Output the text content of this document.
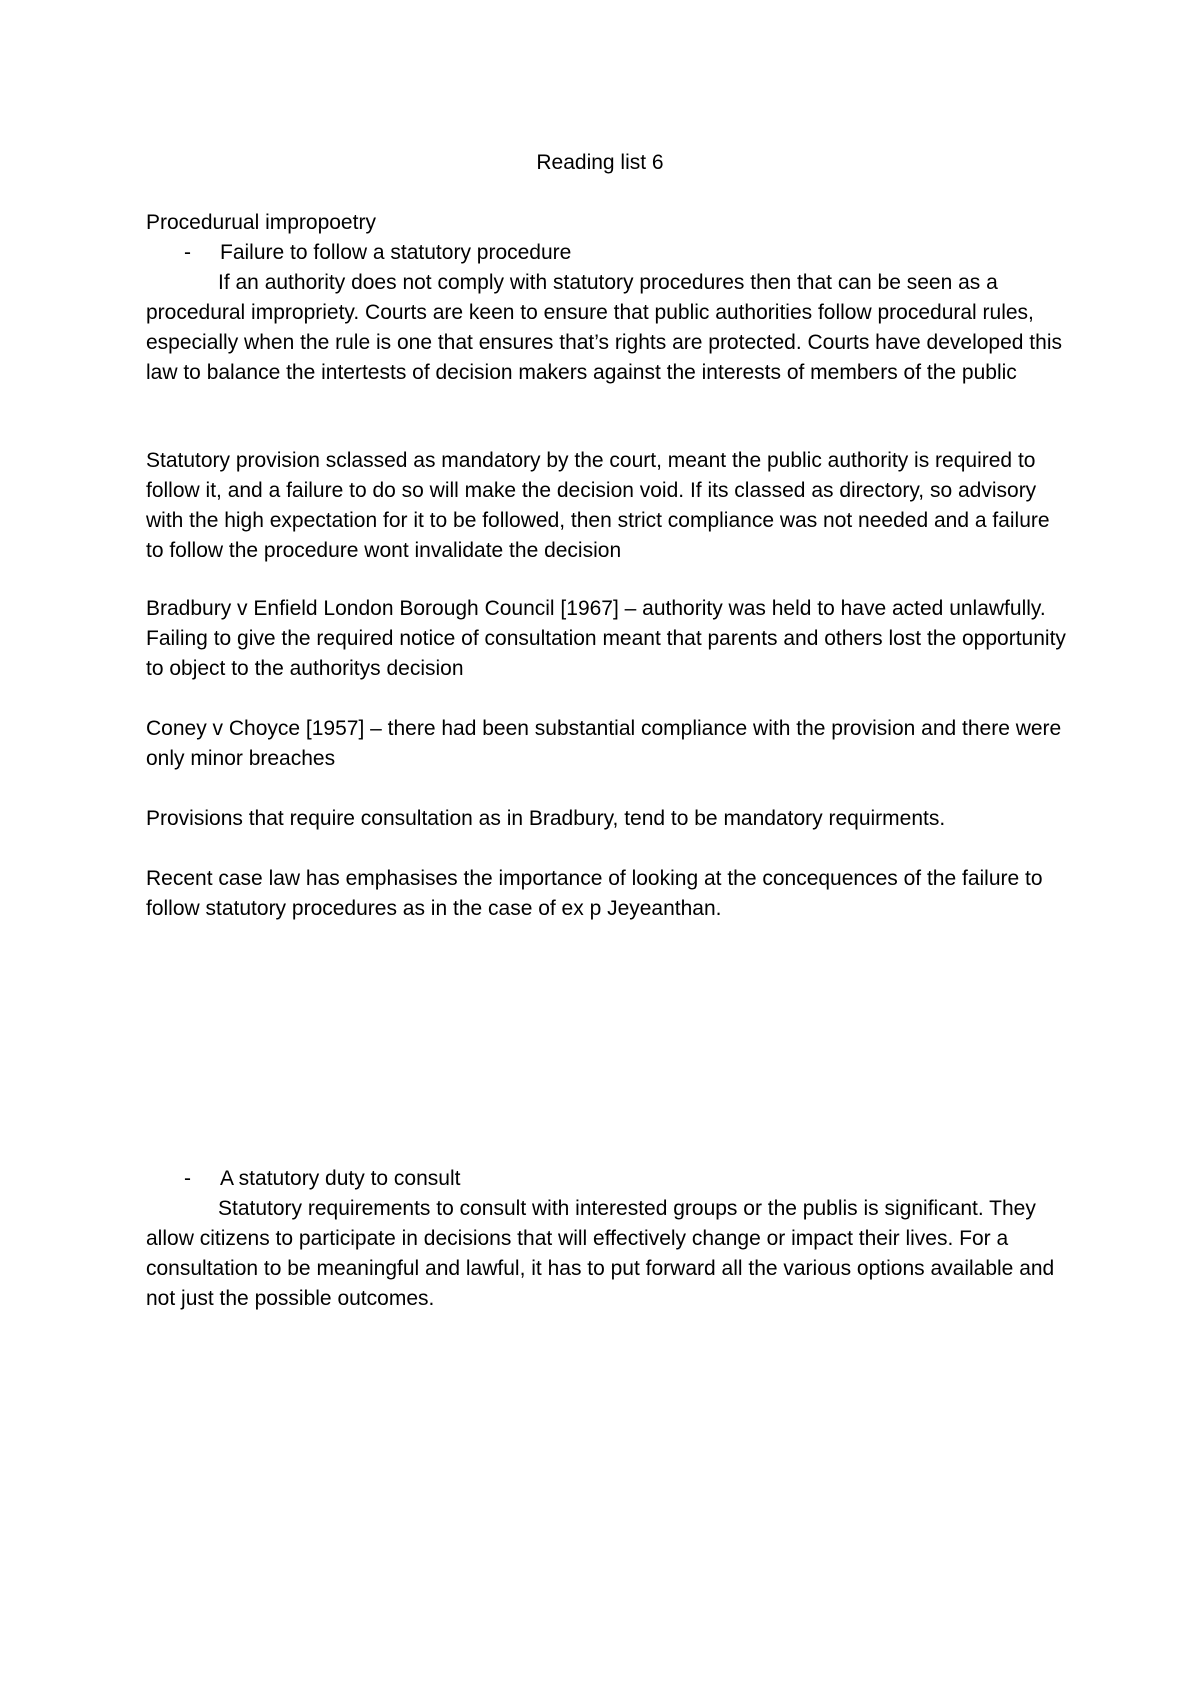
Reading list 6

Procedurual impropoetry

-	Failure to follow a statutory procedure

If an authority does not comply with statutory procedures then that can be seen as a procedural impropriety. Courts are keen to ensure that public authorities follow procedural rules, especially when the rule is one that ensures that’s rights are protected. Courts have developed this law to balance the intertests of decision makers against the interests of members of the public

Statutory provision sclassed as mandatory by the court, meant the public authority is required to follow it, and a failure to do so will make the decision void. If its classed as directory, so advisory with the high expectation for it to be followed, then strict compliance was not needed and a failure to follow the procedure wont invalidate the decision

Bradbury v Enfield London Borough Council [1967] – authority was held to have acted unlawfully. Failing to give the required notice of consultation meant that parents and others lost the opportunity to object to the authoritys decision

Coney v Choyce [1957] – there had been substantial compliance with the provision and there were only minor breaches

Provisions that require consultation as in Bradbury, tend to be mandatory requirments.

Recent case law has emphasises the importance of looking at the concequences of the failure to follow statutory procedures as in the case of ex p Jeyeanthan.

-	A statutory duty to consult

Statutory requirements to consult with interested groups or the publis is significant. They allow citizens to participate in decisions that will effectively change or impact their lives. For a consultation to be meaningful and lawful, it has to put forward all the various options available and not just the possible outcomes.
